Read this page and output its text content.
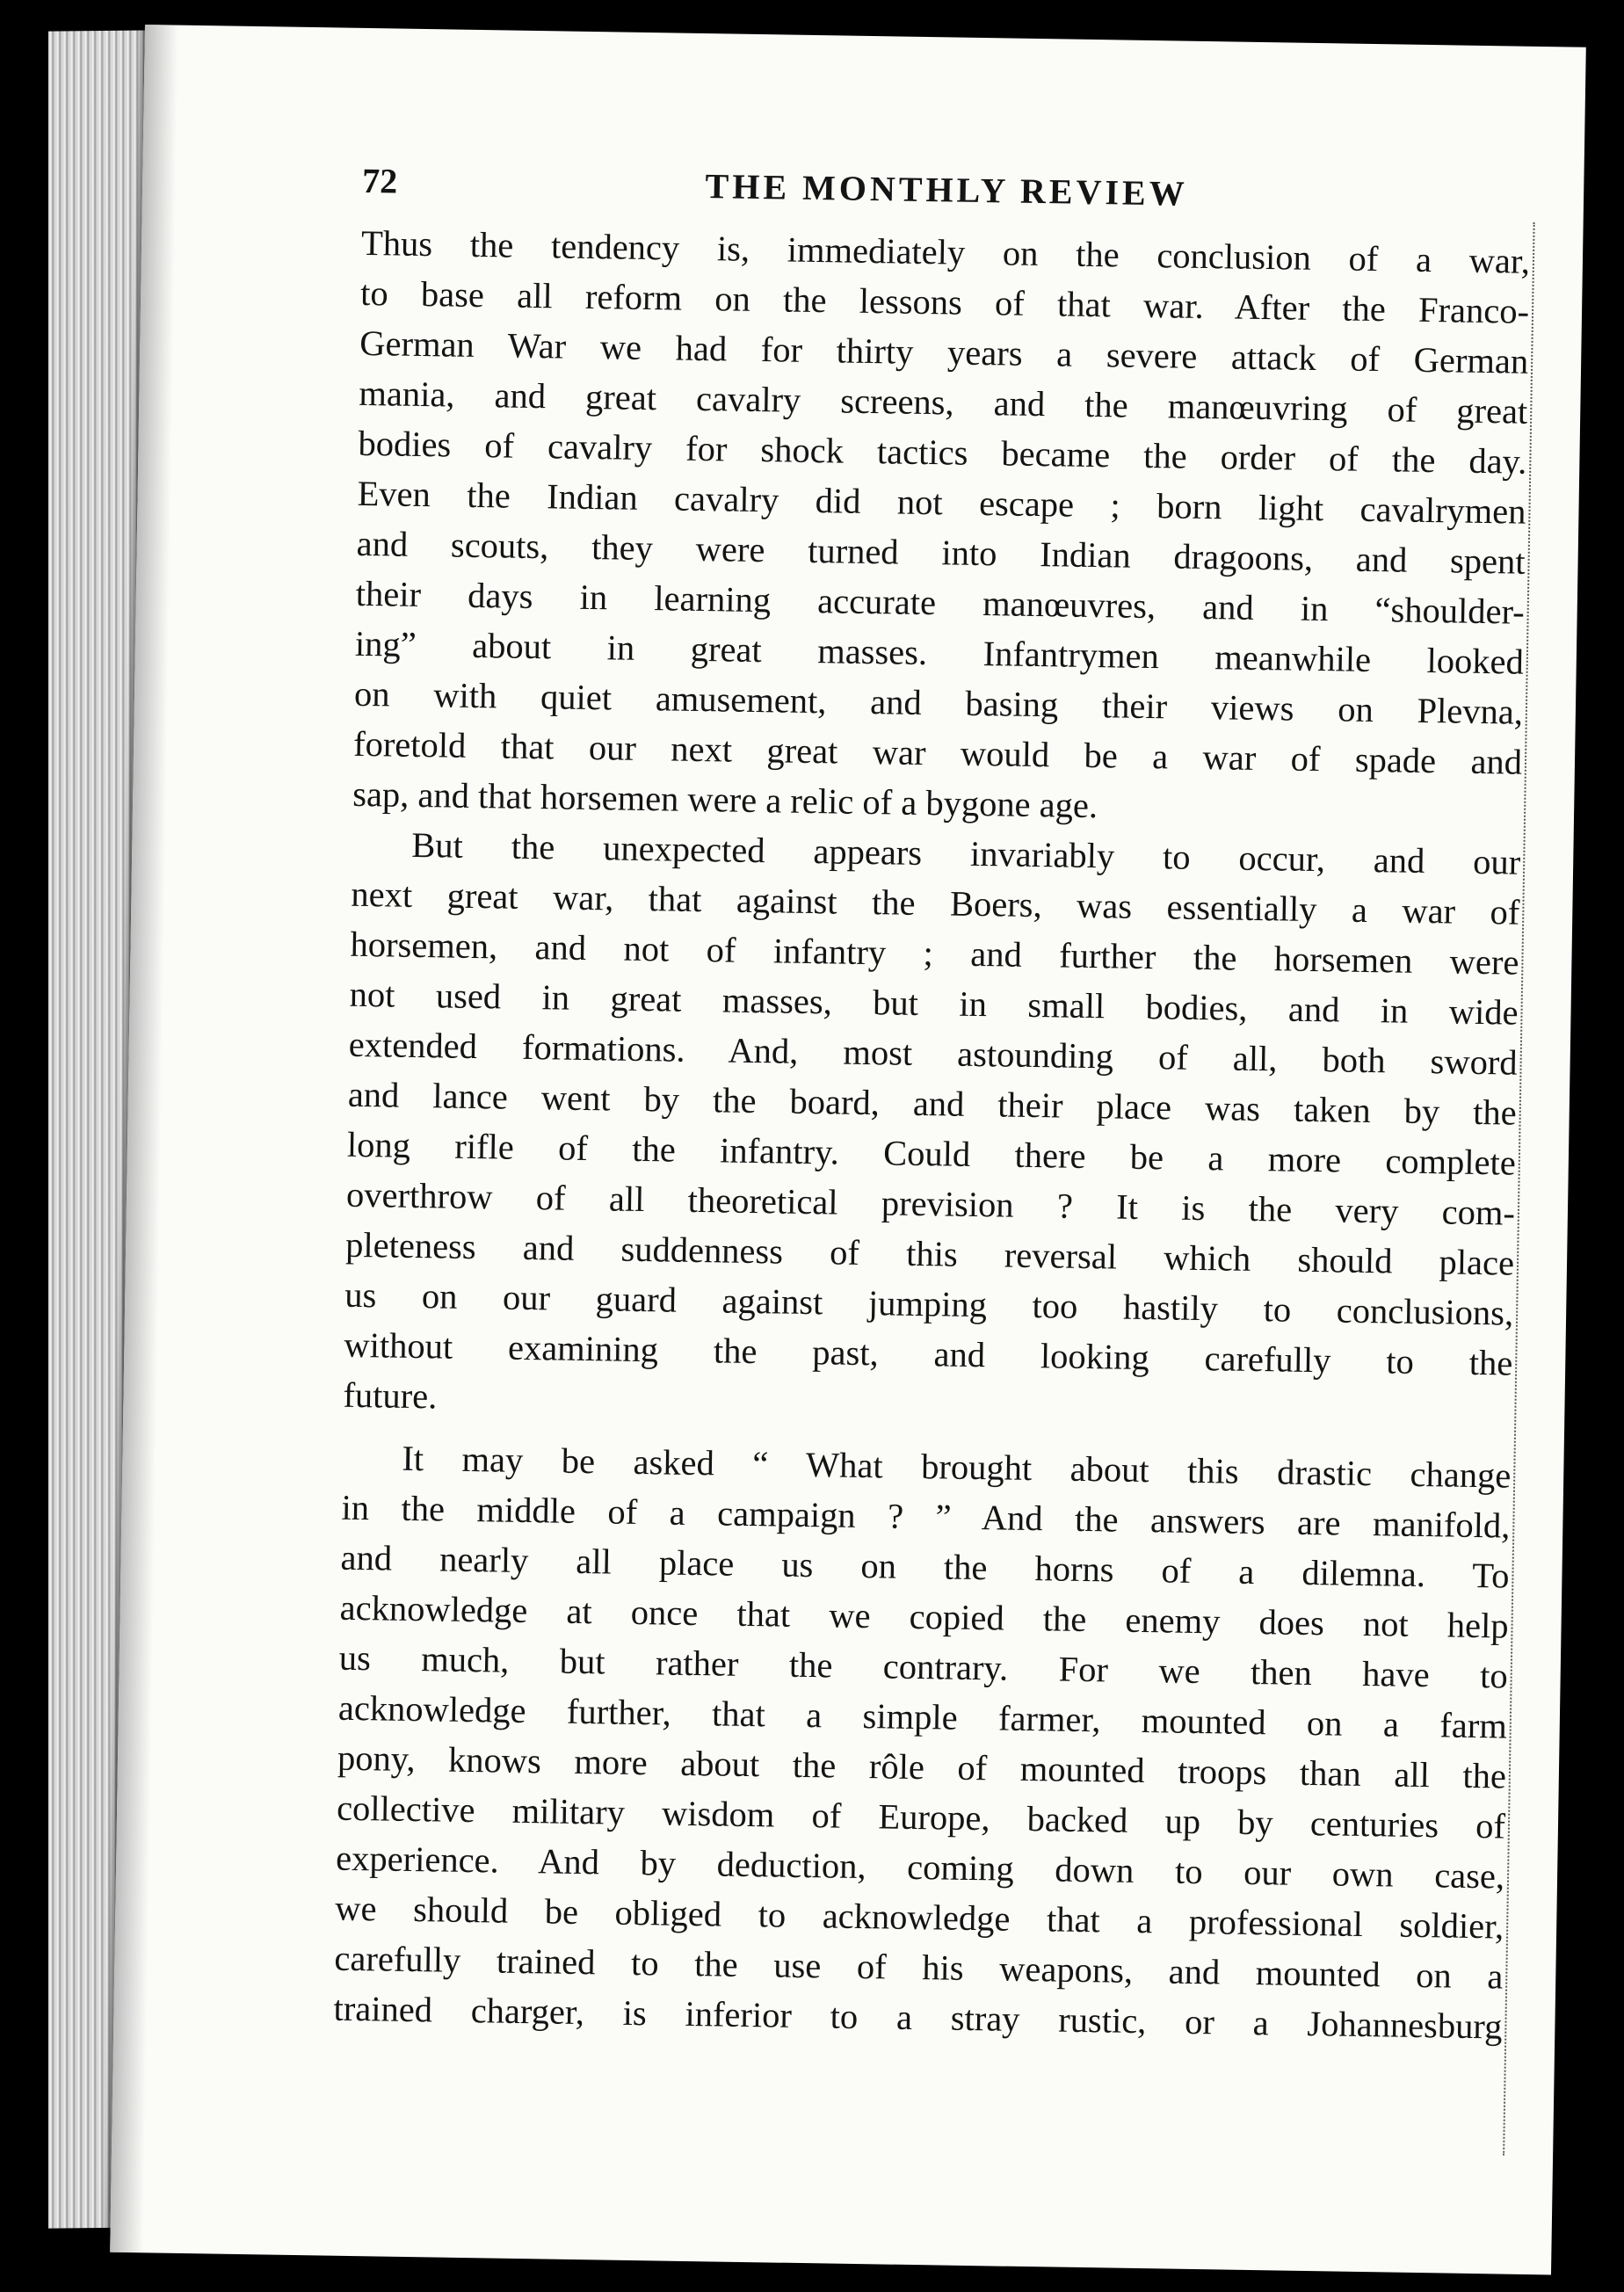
72	THE MONTHLY REVIEW

Thus the tendency is, immediately on the conclusion of a war,
to base all reform on the lessons of that war. After the Franco-
German War we had for thirty years a severe attack of German
mania, and great cavalry screens, and the manœuvring of great
bodies of cavalry for shock tactics became the order of the day.
Even the Indian cavalry did not escape ; born light cavalrymen
and scouts, they were turned into Indian dragoons, and spent
their days in learning accurate manœuvres, and in “shoulder-
ing” about in great masses. Infantrymen meanwhile looked
on with quiet amusement, and basing their views on Plevna,
foretold that our next great war would be a war of spade and
sap, and that horsemen were a relic of a bygone age.

But the unexpected appears invariably to occur, and our
next great war, that against the Boers, was essentially a war of
horsemen, and not of infantry ; and further the horsemen were
not used in great masses, but in small bodies, and in wide
extended formations. And, most astounding of all, both sword
and lance went by the board, and their place was taken by the
long rifle of the infantry. Could there be a more complete
overthrow of all theoretical prevision ? It is the very com-
pleteness and suddenness of this reversal which should place
us on our guard against jumping too hastily to conclusions,
without examining the past, and looking carefully to the
future.

It may be asked “ What brought about this drastic change
in the middle of a campaign ? ” And the answers are manifold,
and nearly all place us on the horns of a dilemna. To
acknowledge at once that we copied the enemy does not help
us much, but rather the contrary. For we then have to
acknowledge further, that a simple farmer, mounted on a farm
pony, knows more about the rôle of mounted troops than all the
collective military wisdom of Europe, backed up by centuries of
experience. And by deduction, coming down to our own case,
we should be obliged to acknowledge that a professional soldier,
carefully trained to the use of his weapons, and mounted on a
trained charger, is inferior to a stray rustic, or a Johannesburg
